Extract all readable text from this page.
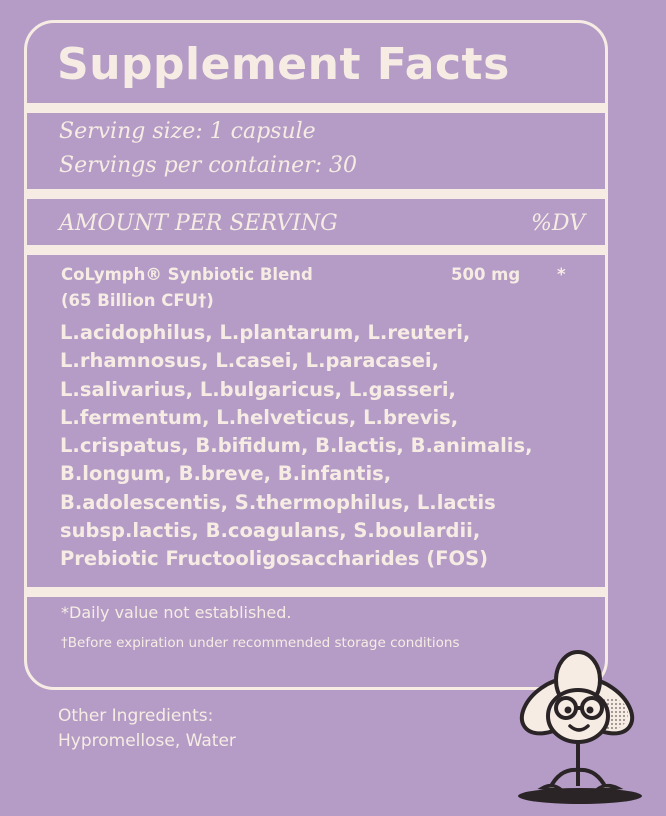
Supplement Facts
Serving size: 1 capsule
Servings per container: 30
AMOUNT PER SERVING	%DV
CoLymph® Synbiotic Blend
(65 Billion CFU†)
500 mg *
L.acidophilus, L.plantarum, L.reuteri,
L.rhamnosus, L.casei, L.paracasei,
L.salivarius, L.bulgaricus, L.gasseri,
L.fermentum, L.helveticus, L.brevis,
L.crispatus, B.bifidum, B.lactis, B.animalis,
B.longum, B.breve, B.infantis,
B.adolescentis, S.thermophilus, L.lactis
subsp.lactis, B.coagulans, S.boulardii,
Prebiotic Fructooligosaccharides (FOS)
*Daily value not established.
†Before expiration under recommended storage conditions
Other Ingredients:
Hypromellose, Water
